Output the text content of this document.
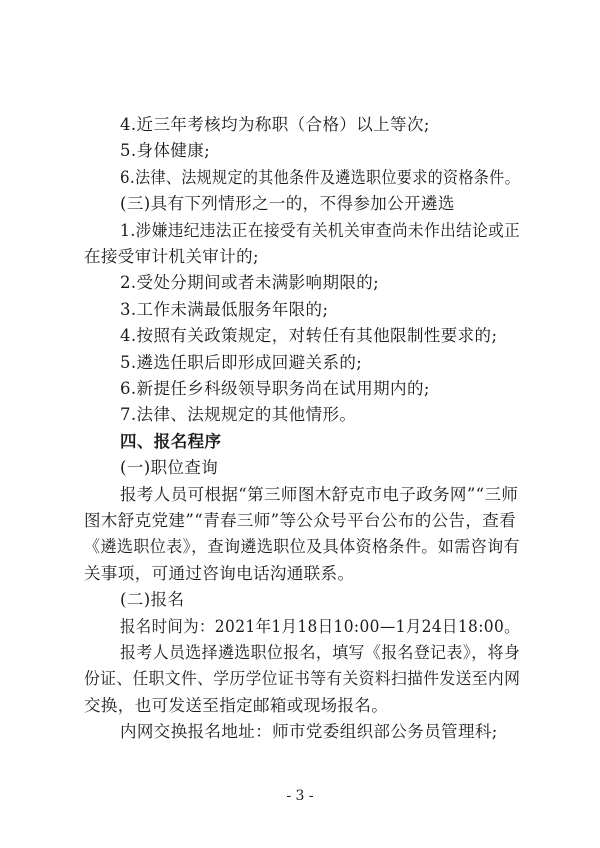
4.近三年考核均为称职（合格）以上等次;
5.身体健康;
6.法律、法规规定的其他条件及遴选职位要求的资格条件。
(三)具有下列情形之一的，不得参加公开遴选
1.涉嫌违纪违法正在接受有关机关审查尚未作出结论或正
在接受审计机关审计的;
2.受处分期间或者未满影响期限的;
3.工作未满最低服务年限的;
4.按照有关政策规定，对转任有其他限制性要求的;
5.遴选任职后即形成回避关系的;
6.新提任乡科级领导职务尚在试用期内的;
7.法律、法规规定的其他情形。
四、报名程序
(一)职位查询
报考人员可根据“第三师图木舒克市电子政务网”“三师
图木舒克党建”“青春三师”等公众号平台公布的公告，查看
《遴选职位表》，查询遴选职位及具体资格条件。如需咨询有
关事项，可通过咨询电话沟通联系。
(二)报名
报名时间为：2021年1月18日10:00—1月24日18:00。
报考人员选择遴选职位报名，填写《报名登记表》，将身
份证、任职文件、学历学位证书等有关资料扫描件发送至内网
交换，也可发送至指定邮箱或现场报名。
内网交换报名地址：师市党委组织部公务员管理科;
- 3 -
